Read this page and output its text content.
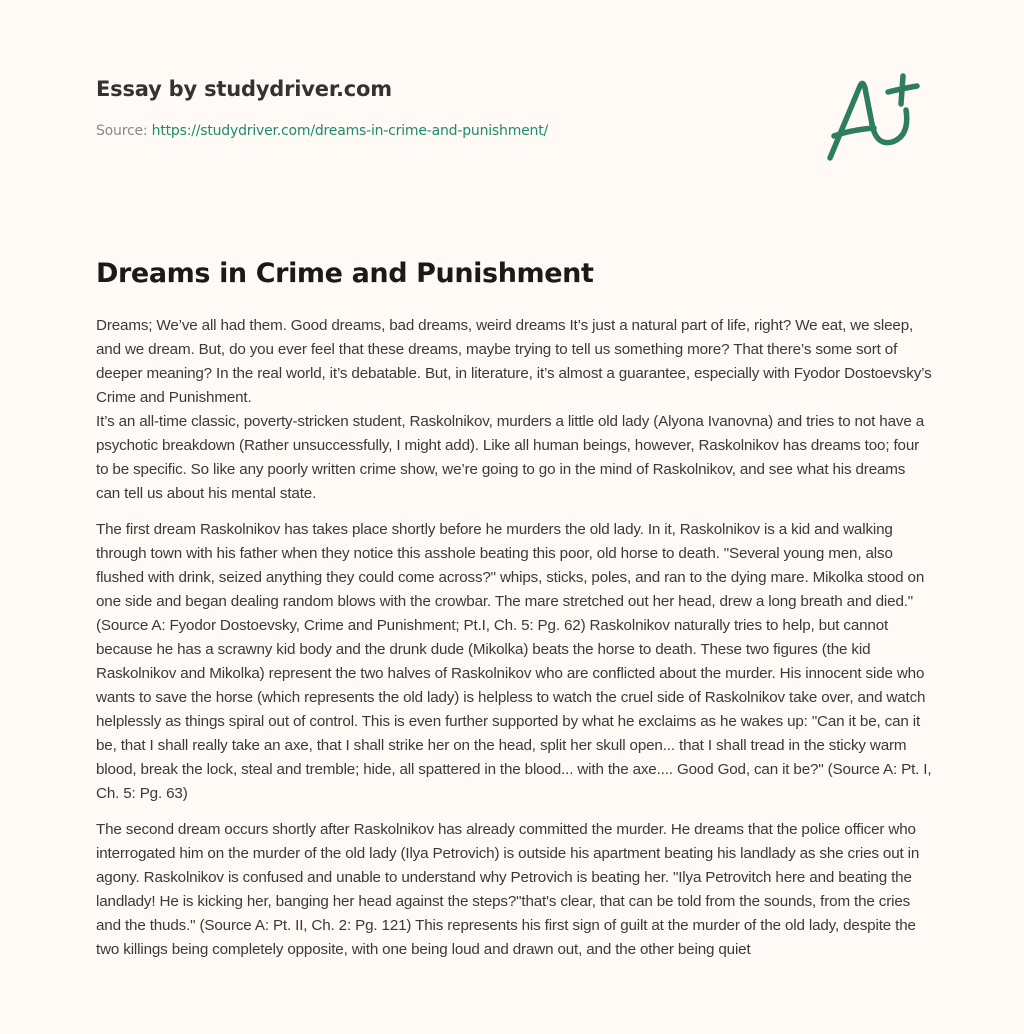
Essay by studydriver.com
Source: https://studydriver.com/dreams-in-crime-and-punishment/
Dreams in Crime and Punishment

Dreams; We’ve all had them. Good dreams, bad dreams, weird dreams It’s just a natural part of life, right? We eat, we sleep, and we dream. But, do you ever feel that these dreams, maybe trying to tell us something more? That there’s some sort of deeper meaning? In the real world, it’s debatable. But, in literature, it’s almost a guarantee, especially with Fyodor Dostoevsky’s Crime and Punishment.

It’s an all-time classic, poverty-stricken student, Raskolnikov, murders a little old lady (Alyona Ivanovna) and tries to not have a psychotic breakdown (Rather unsuccessfully, I might add). Like all human beings, however, Raskolnikov has dreams too; four to be specific. So like any poorly written crime show, we’re going to go in the mind of Raskolnikov, and see what his dreams can tell us about his mental state.

The first dream Raskolnikov has takes place shortly before he murders the old lady. In it, Raskolnikov is a kid and walking through town with his father when they notice this asshole beating this poor, old horse to death. "Several young men, also flushed with drink, seized anything they could come across?" whips, sticks, poles, and ran to the dying mare. Mikolka stood on one side and began dealing random blows with the crowbar. The mare stretched out her head, drew a long breath and died." (Source A: Fyodor Dostoevsky, Crime and Punishment; Pt.I, Ch. 5: Pg. 62) Raskolnikov naturally tries to help, but cannot because he has a scrawny kid body and the drunk dude (Mikolka) beats the horse to death. These two figures (the kid Raskolnikov and Mikolka) represent the two halves of Raskolnikov who are conflicted about the murder. His innocent side who wants to save the horse (which represents the old lady) is helpless to watch the cruel side of Raskolnikov take over, and watch helplessly as things spiral out of control. This is even further supported by what he exclaims as he wakes up: "Can it be, can it be, that I shall really take an axe, that I shall strike her on the head, split her skull open... that I shall tread in the sticky warm blood, break the lock, steal and tremble; hide, all spattered in the blood... with the axe.... Good God, can it be?" (Source A: Pt. I, Ch. 5: Pg. 63)

The second dream occurs shortly after Raskolnikov has already committed the murder. He dreams that the police officer who interrogated him on the murder of the old lady (Ilya Petrovich) is outside his apartment beating his landlady as she cries out in agony. Raskolnikov is confused and unable to understand why Petrovich is beating her. "Ilya Petrovitch here and beating the landlady! He is kicking her, banging her head against the steps?"that's clear, that can be told from the sounds, from the cries and the thuds." (Source A: Pt. II, Ch. 2: Pg. 121) This represents his first sign of guilt at the murder of the old lady, despite the two killings being completely opposite, with one being loud and drawn out, and the other being quiet
